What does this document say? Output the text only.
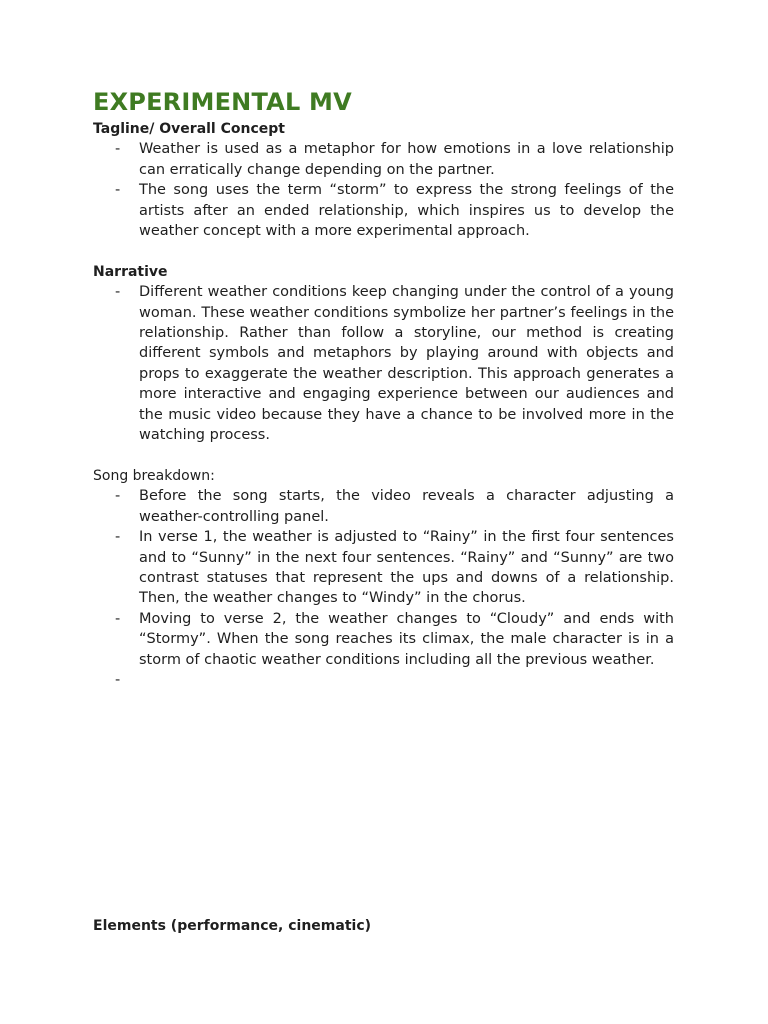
EXPERIMENTAL MV

Tagline/ Overall Concept

- Weather is used as a metaphor for how emotions in a love relationship can erratically change depending on the partner.
- The song uses the term “storm” to express the strong feelings of the artists after an ended relationship, which inspires us to develop the weather concept with a more experimental approach.

Narrative

- Different weather conditions keep changing under the control of a young woman. These weather conditions symbolize her partner’s feelings in the relationship. Rather than follow a storyline, our method is creating different symbols and metaphors by playing around with objects and props to exaggerate the weather description. This approach generates a more interactive and engaging experience between our audiences and the music video because they have a chance to be involved more in the watching process.

Song breakdown:

- Before the song starts, the video reveals a character adjusting a weather-controlling panel.
- In verse 1, the weather is adjusted to “Rainy” in the first four sentences and to “Sunny” in the next four sentences. “Rainy” and “Sunny” are two contrast statuses that represent the ups and downs of a relationship. Then, the weather changes to “Windy” in the chorus.
- Moving to verse 2, the weather changes to “Cloudy” and ends with “Stormy”. When the song reaches its climax, the male character is in a storm of chaotic weather conditions including all the previous weather.
-

Elements (performance, cinematic)
